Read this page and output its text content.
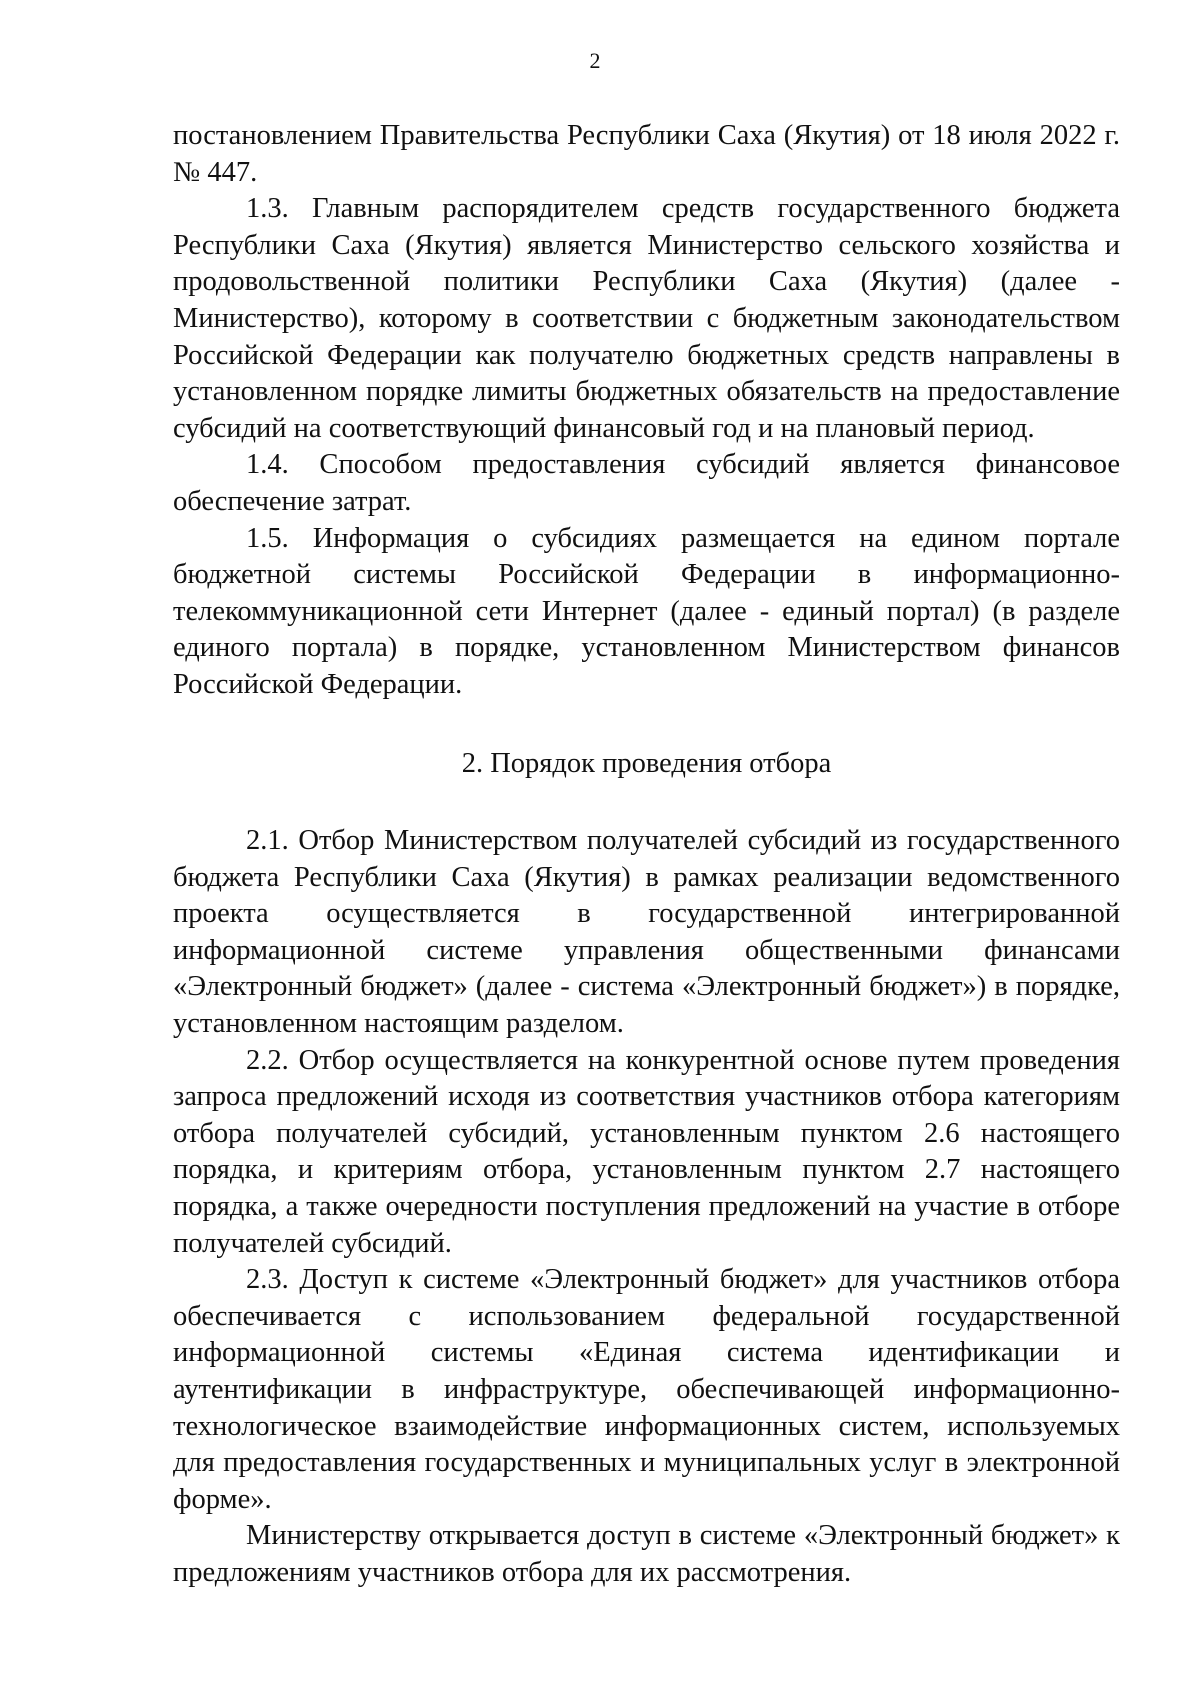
2

постановлением Правительства Республики Саха (Якутия) от 18 июля 2022 г. № 447.

1.3. Главным распорядителем средств государственного бюджета Республики Саха (Якутия) является Министерство сельского хозяйства и продовольственной политики Республики Саха (Якутия) (далее - Министерство), которому в соответствии с бюджетным законодательством Российской Федерации как получателю бюджетных средств направлены в установленном порядке лимиты бюджетных обязательств на предоставление субсидий на соответствующий финансовый год и на плановый период.

1.4. Способом предоставления субсидий является финансовое обеспечение затрат.

1.5. Информация о субсидиях размещается на едином портале бюджетной системы Российской Федерации в информационно-телекоммуникационной сети Интернет (далее - единый портал) (в разделе единого портала) в порядке, установленном Министерством финансов Российской Федерации.

2. Порядок проведения отбора

2.1. Отбор Министерством получателей субсидий из государственного бюджета Республики Саха (Якутия) в рамках реализации ведомственного проекта осуществляется в государственной интегрированной информационной системе управления общественными финансами «Электронный бюджет» (далее - система «Электронный бюджет») в порядке, установленном настоящим разделом.

2.2. Отбор осуществляется на конкурентной основе путем проведения запроса предложений исходя из соответствия участников отбора категориям отбора получателей субсидий, установленным пунктом 2.6 настоящего порядка, и критериям отбора, установленным пунктом 2.7 настоящего порядка, а также очередности поступления предложений на участие в отборе получателей субсидий.

2.3. Доступ к системе «Электронный бюджет» для участников отбора обеспечивается с использованием федеральной государственной информационной системы «Единая система идентификации и аутентификации в инфраструктуре, обеспечивающей информационно-технологическое взаимодействие информационных систем, используемых для предоставления государственных и муниципальных услуг в электронной форме».

Министерству открывается доступ в системе «Электронный бюджет» к предложениям участников отбора для их рассмотрения.
